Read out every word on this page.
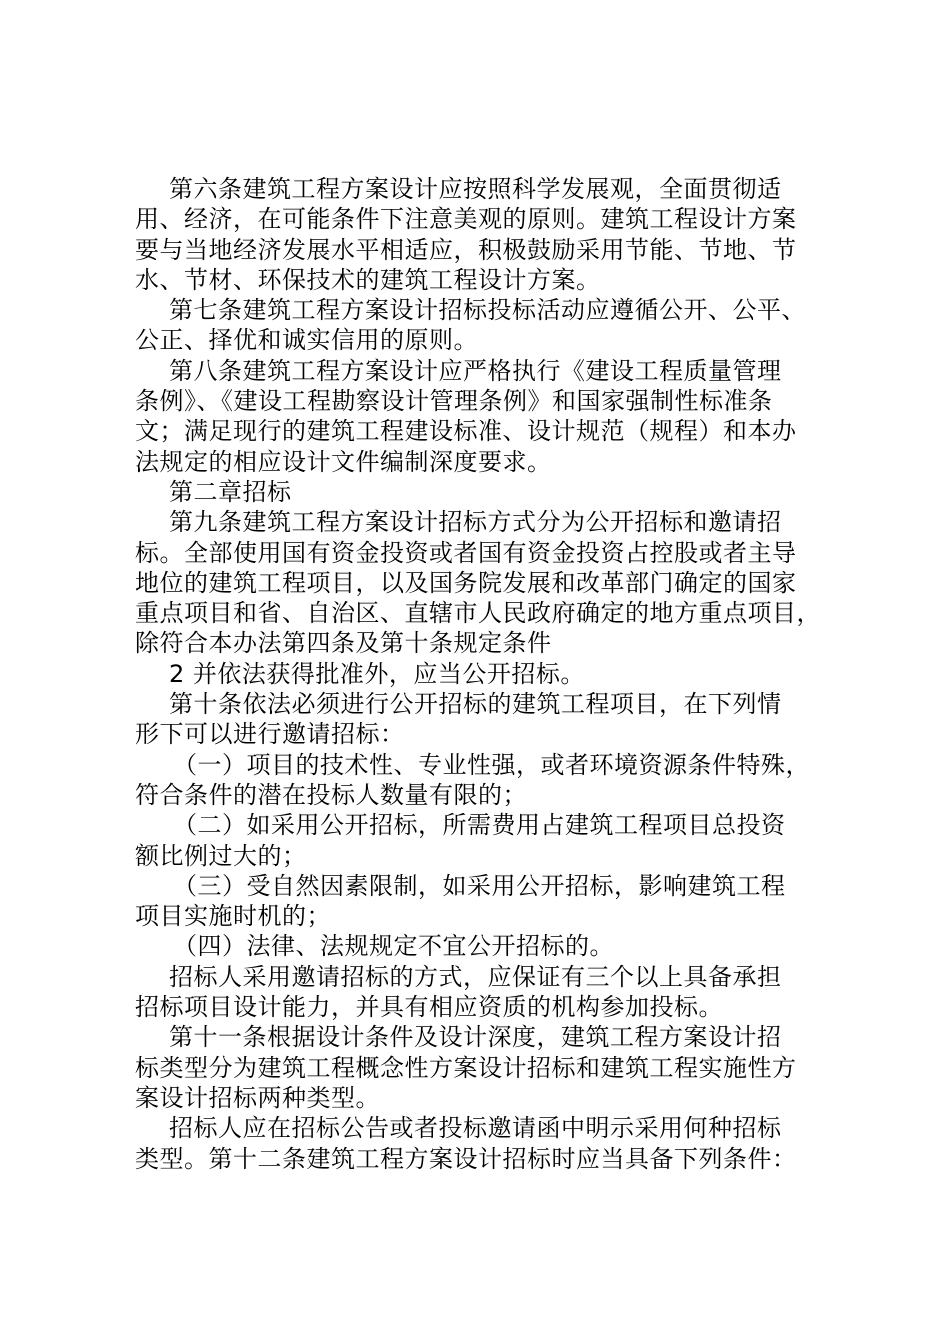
第六条建筑工程方案设计应按照科学发展观，全面贯彻适
用、经济，在可能条件下注意美观的原则。建筑工程设计方案
要与当地经济发展水平相适应，积极鼓励采用节能、节地、节
水、节材、环保技术的建筑工程设计方案。
第七条建筑工程方案设计招标投标活动应遵循公开、公平、
公正、择优和诚实信用的原则。
第八条建筑工程方案设计应严格执行《建设工程质量管理
条例》、《建设工程勘察设计管理条例》和国家强制性标准条
文；满足现行的建筑工程建设标准、设计规范（规程）和本办
法规定的相应设计文件编制深度要求。
第二章招标
第九条建筑工程方案设计招标方式分为公开招标和邀请招
标。全部使用国有资金投资或者国有资金投资占控股或者主导
地位的建筑工程项目，以及国务院发展和改革部门确定的国家
重点项目和省、自治区、直辖市人民政府确定的地方重点项目，
除符合本办法第四条及第十条规定条件
2 并依法获得批准外，应当公开招标。
第十条依法必须进行公开招标的建筑工程项目，在下列情
形下可以进行邀请招标：
（一）项目的技术性、专业性强，或者环境资源条件特殊，
符合条件的潜在投标人数量有限的；
（二）如采用公开招标，所需费用占建筑工程项目总投资
额比例过大的；
（三）受自然因素限制，如采用公开招标，影响建筑工程
项目实施时机的；
（四）法律、法规规定不宜公开招标的。
招标人采用邀请招标的方式，应保证有三个以上具备承担
招标项目设计能力，并具有相应资质的机构参加投标。
第十一条根据设计条件及设计深度，建筑工程方案设计招
标类型分为建筑工程概念性方案设计招标和建筑工程实施性方
案设计招标两种类型。
招标人应在招标公告或者投标邀请函中明示采用何种招标
类型。第十二条建筑工程方案设计招标时应当具备下列条件：
